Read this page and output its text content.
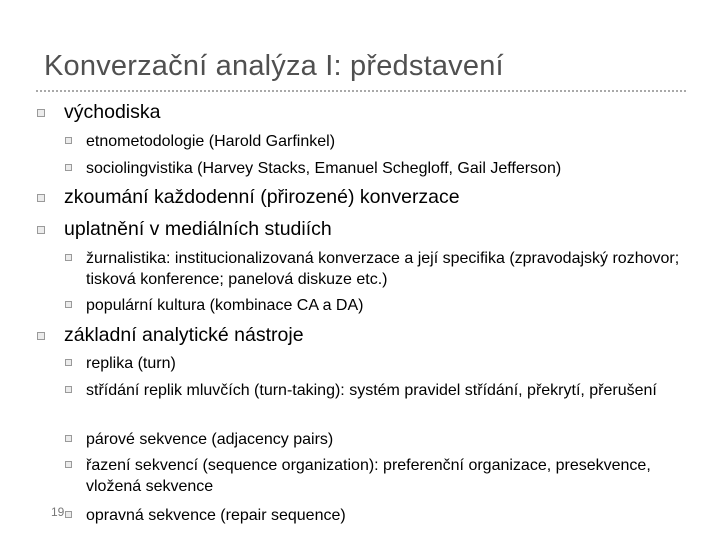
Konverzační analýza I: představení
východiska
etnometodologie (Harold Garfinkel)
sociolingvistika (Harvey Stacks, Emanuel Schegloff, Gail Jefferson)
zkoumání každodenní (přirozené) konverzace
uplatnění v mediálních studiích
žurnalistika: institucionalizovaná konverzace a její specifika (zpravodajský rozhovor; tisková konference; panelová diskuze etc.)
populární kultura (kombinace CA a DA)
základní analytické nástroje
replika (turn)
střídání replik mluvčích (turn-taking): systém pravidel střídání, překrytí, přerušení
párové sekvence (adjacency pairs)
řazení sekvencí (sequence organization): preferenční organizace, presekvence, vložená sekvence
opravná sekvence (repair sequence)
19
